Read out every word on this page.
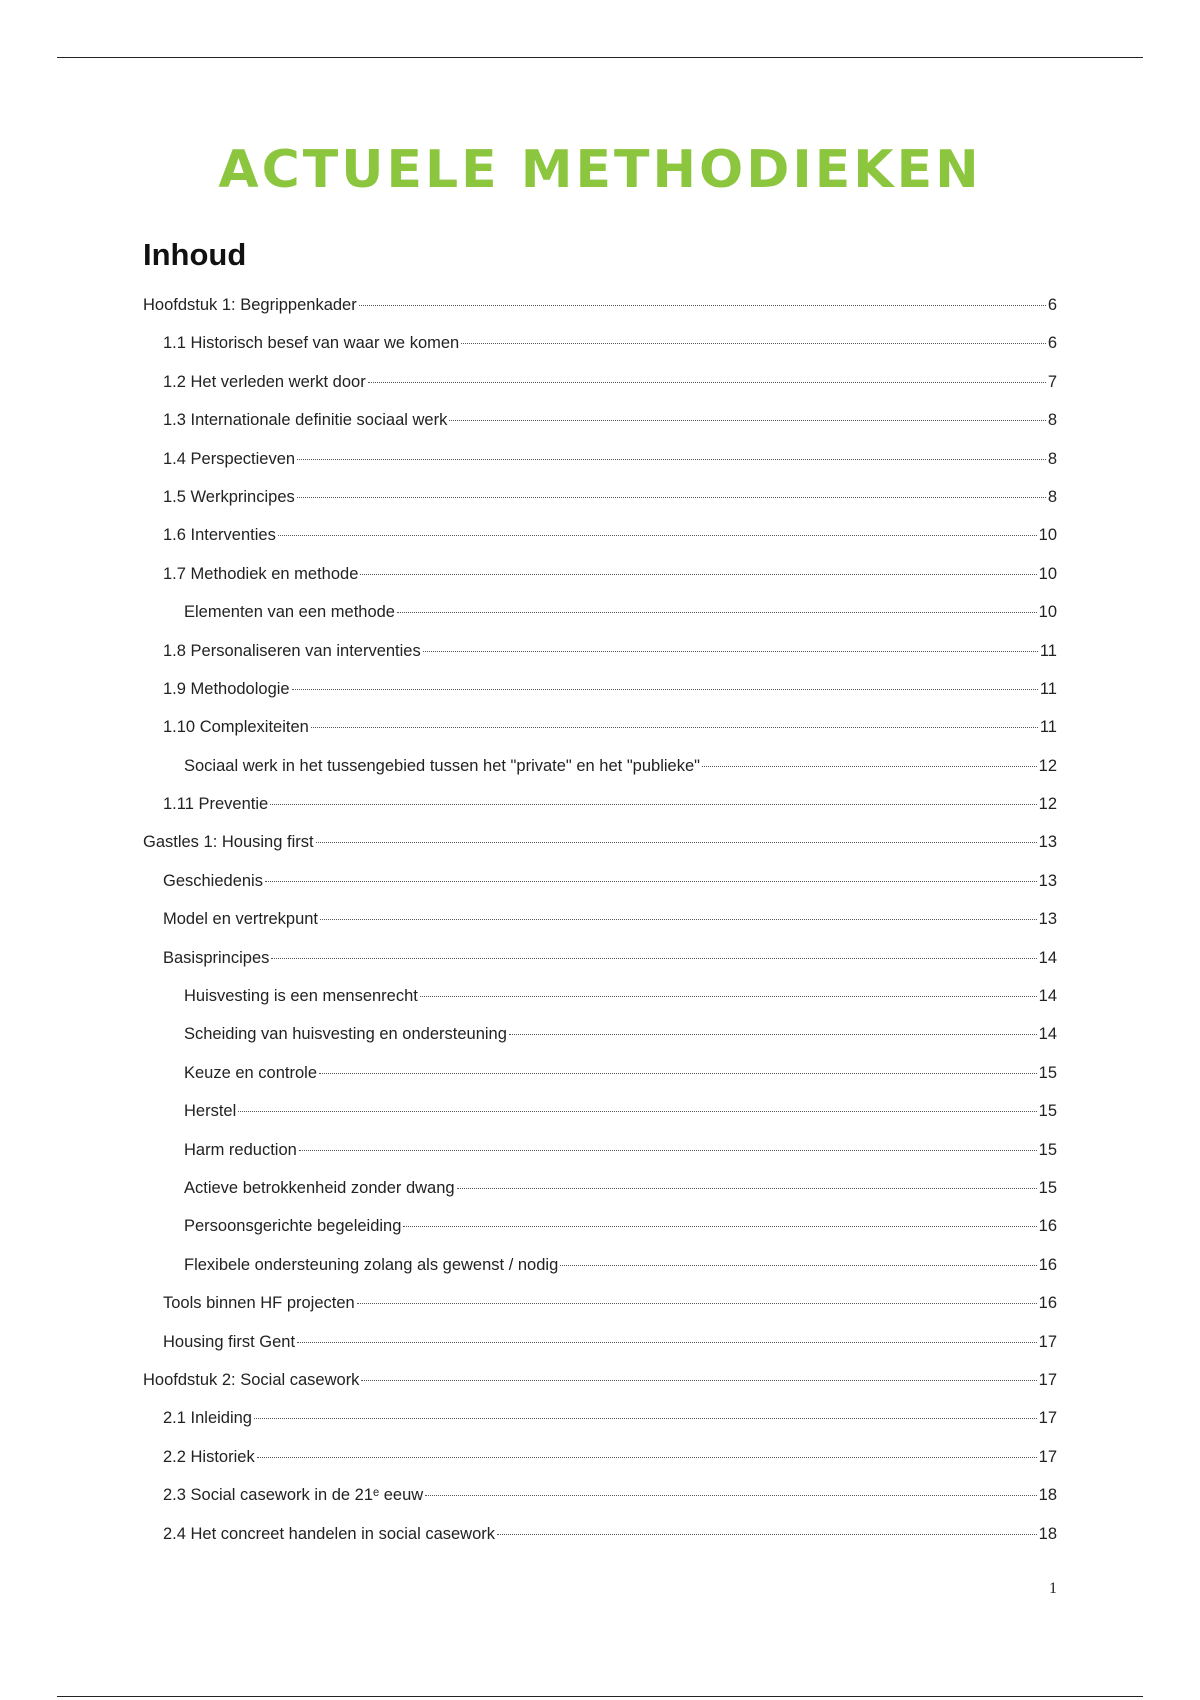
ACTUELE METHODIEKEN
Inhoud
Hoofdstuk 1: Begrippenkader	6
1.1 Historisch besef van waar we komen	6
1.2 Het verleden werkt door	7
1.3 Internationale definitie sociaal werk	8
1.4 Perspectieven	8
1.5 Werkprincipes	8
1.6 Interventies	10
1.7 Methodiek en methode	10
Elementen van een methode	10
1.8 Personaliseren van interventies	11
1.9 Methodologie	11
1.10 Complexiteiten	11
Sociaal werk in het tussengebied tussen het "private" en het "publieke"	12
1.11 Preventie	12
Gastles 1: Housing first	13
Geschiedenis	13
Model en vertrekpunt	13
Basisprincipes	14
Huisvesting is een mensenrecht	14
Scheiding van huisvesting en ondersteuning	14
Keuze en controle	15
Herstel	15
Harm reduction	15
Actieve betrokkenheid zonder dwang	15
Persoonsgerichte begeleiding	16
Flexibele ondersteuning zolang als gewenst / nodig	16
Tools binnen HF projecten	16
Housing first Gent	17
Hoofdstuk 2: Social casework	17
2.1 Inleiding	17
2.2 Historiek	17
2.3 Social casework in de 21ᵉ eeuw	18
2.4 Het concreet handelen in social casework	18
1
